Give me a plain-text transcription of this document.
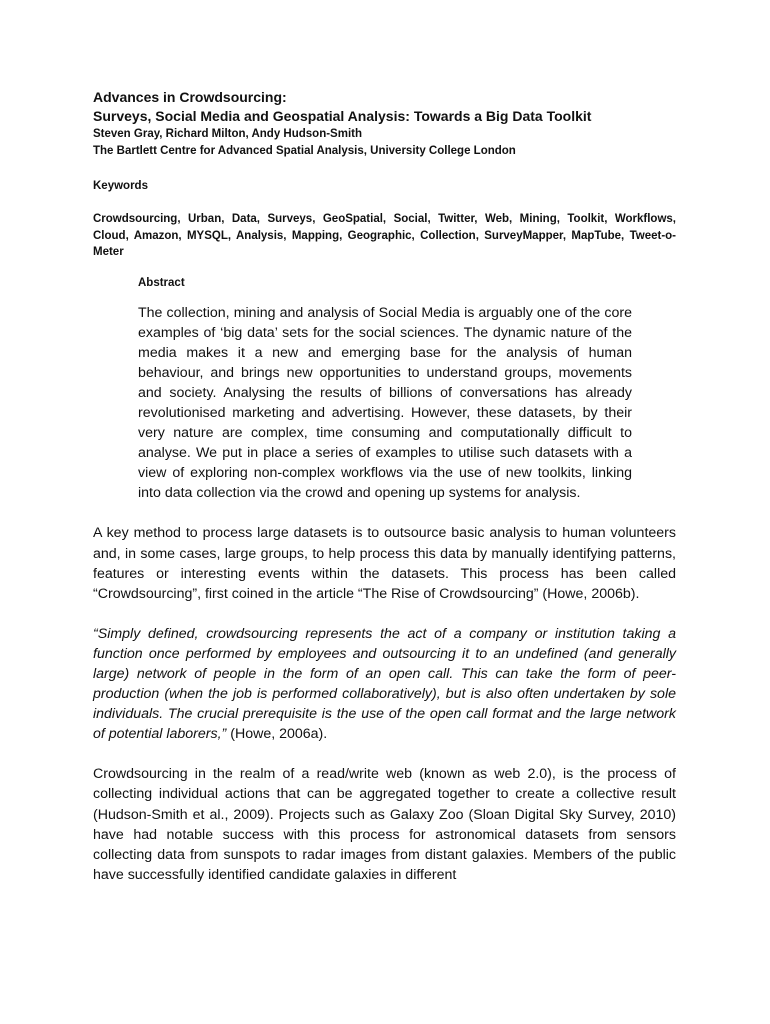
Advances in Crowdsourcing:

Surveys, Social Media and Geospatial Analysis: Towards a Big Data Toolkit

Steven Gray, Richard Milton, Andy Hudson-Smith

The Bartlett Centre for Advanced Spatial Analysis, University College London

Keywords

Crowdsourcing, Urban, Data, Surveys, GeoSpatial, Social, Twitter, Web, Mining, Toolkit, Workflows, Cloud, Amazon, MYSQL, Analysis, Mapping, Geographic, Collection, SurveyMapper, MapTube, Tweet-o-Meter

Abstract

The collection, mining and analysis of Social Media is arguably one of the core examples of ‘big data’ sets for the social sciences. The dynamic nature of the media makes it a new and emerging base for the analysis of human behaviour, and brings new opportunities to understand groups, movements and society. Analysing the results of billions of conversations has already revolutionised marketing and advertising. However, these datasets, by their very nature are complex, time consuming and computationally difficult to analyse. We put in place a series of examples to utilise such datasets with a view of exploring non-complex workflows via the use of new toolkits, linking into data collection via the crowd and opening up systems for analysis.

A key method to process large datasets is to outsource basic analysis to human volunteers and, in some cases, large groups, to help process this data by manually identifying patterns, features or interesting events within the datasets. This process has been called “Crowdsourcing”, first coined in the article “The Rise of Crowdsourcing” (Howe, 2006b).

“Simply defined, crowdsourcing represents the act of a company or institution taking a function once performed by employees and outsourcing it to an undefined (and generally large) network of people in the form of an open call. This can take the form of peer-production (when the job is performed collaboratively), but is also often undertaken by sole individuals. The crucial prerequisite is the use of the open call format and the large network of potential laborers,” (Howe, 2006a).

Crowdsourcing in the realm of a read/write web (known as web 2.0), is the process of collecting individual actions that can be aggregated together to create a collective result (Hudson-Smith et al., 2009). Projects such as Galaxy Zoo (Sloan Digital Sky Survey, 2010) have had notable success with this process for astronomical datasets from sensors collecting data from sunspots to radar images from distant galaxies. Members of the public have successfully identified candidate galaxies in different
